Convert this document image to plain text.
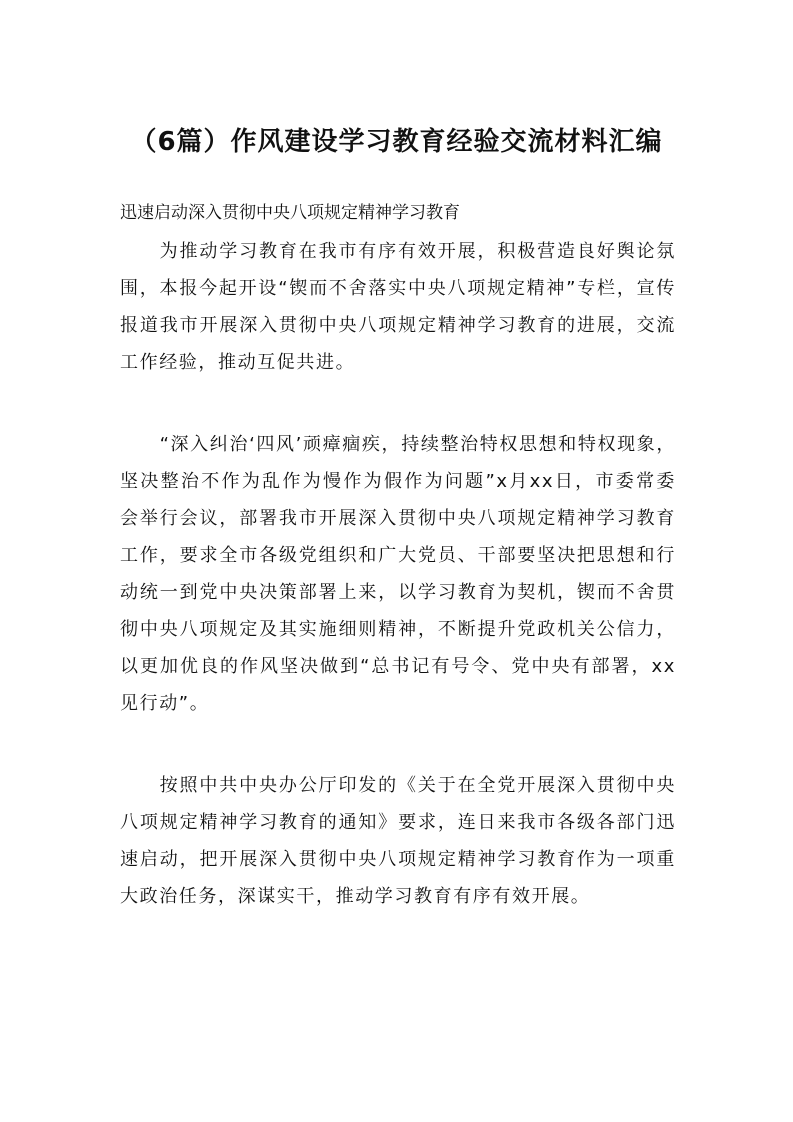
（6篇）作风建设学习教育经验交流材料汇编
迅速启动深入贯彻中央八项规定精神学习教育

为推动学习教育在我市有序有效开展，积极营造良好舆论氛围，本报今起开设“锲而不舍落实中央八项规定精神”专栏，宣传报道我市开展深入贯彻中央八项规定精神学习教育的进展，交流工作经验，推动互促共进。

“深入纠治‘四风’顽瘴痼疾，持续整治特权思想和特权现象，坚决整治不作为乱作为慢作为假作为问题”x月xx日，市委常委会举行会议，部署我市开展深入贯彻中央八项规定精神学习教育工作，要求全市各级党组织和广大党员、干部要坚决把思想和行动统一到党中央决策部署上来，以学习教育为契机，锲而不舍贯彻中央八项规定及其实施细则精神，不断提升党政机关公信力，以更加优良的作风坚决做到“总书记有号令、党中央有部署，xx见行动”。

按照中共中央办公厅印发的《关于在全党开展深入贯彻中央八项规定精神学习教育的通知》要求，连日来我市各级各部门迅速启动，把开展深入贯彻中央八项规定精神学习教育作为一项重大政治任务，深谋实干，推动学习教育有序有效开展。
